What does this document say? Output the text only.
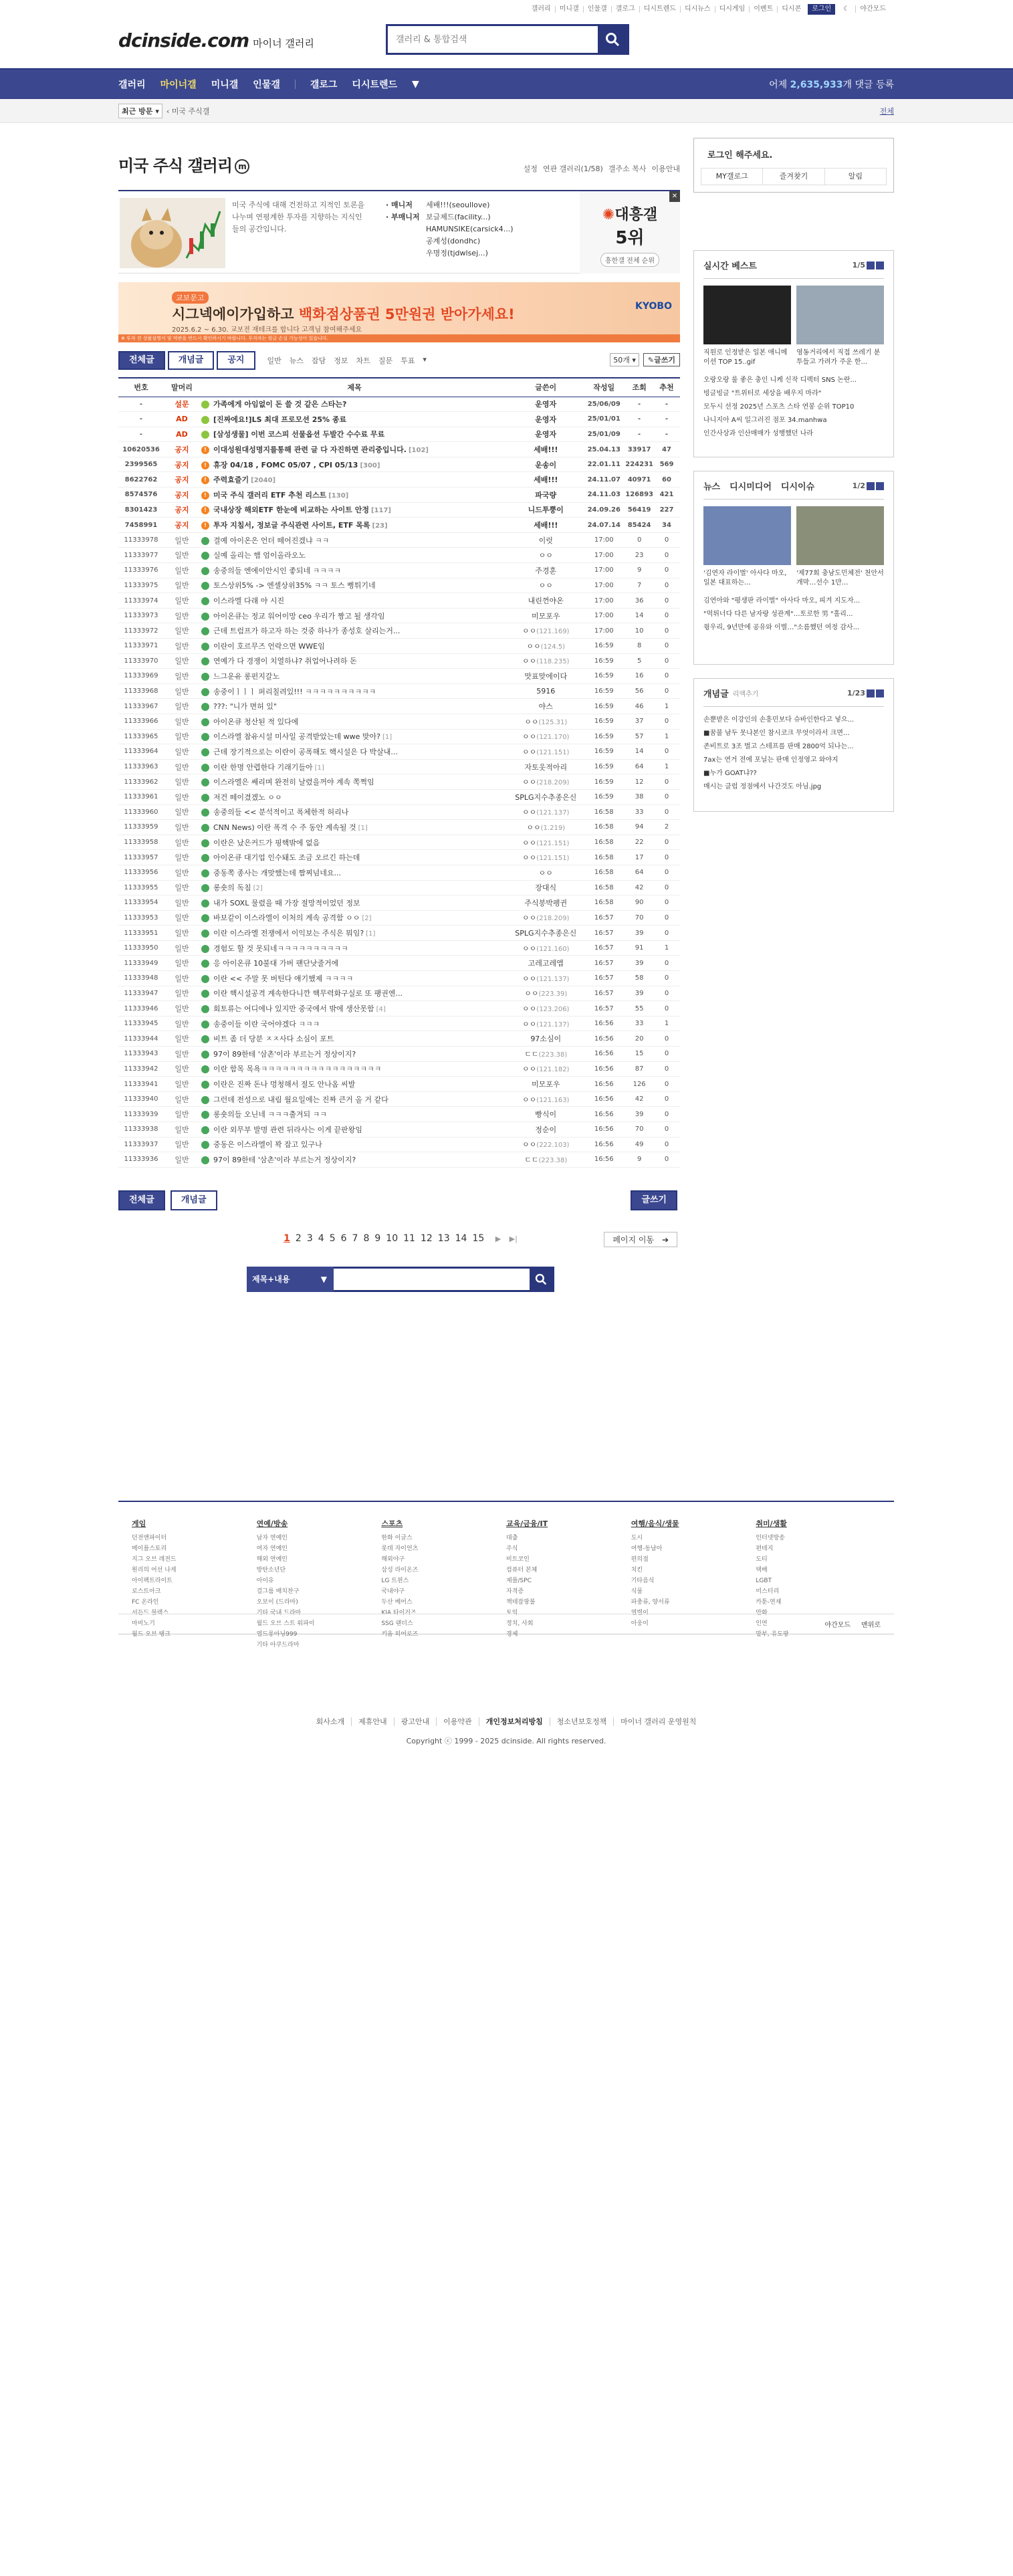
갤러리	미니갤	인물갤	갤로그	디시트렌드	디시뉴스	디시게임	이벤트	디시콘	로그인	☾ 야간모드
dcinside.com 마이너 갤러리
갤러리 & 통합검색
갤러리 마이너갤 미니갤 인물갤	갤로그 디시트렌드 ▼	어제 2,635,933개 댓글 등록
최근 방문 ▾ ‹ 미국 주식갤	전체
미국 주식 갤러리 m	설정 연관 갤러리(1/58) 갤주소 복사 이용안내
미국 주식에 대해 건전하고 지적인 토론을 나누며 연평계한 투자를 지향하는 지식인들의 공간입니다.
· 매니저	세배!!!(seoullove)
· 부매니저 보글제드(facility...)
HAMUNSIKE(carsick4...)
공계성(dondhc)
우명정(tjdwlsej...)
✕
✺대흥갤
5위
흥한갤 전체 순위
교보문고
시그넥에이가입하고 백화점상품권 5만원권 받아가세요!
2025.6.2 ~ 6.30. 교보전 재테크를 합니다 고객님 참여해주세요
KYOBO
※ 투자 전 상품설명서 및 약관을 반드시 확인하시기 바랍니다. 투자자는 원금 손실 가능성이 있습니다.
전체글	개념글	공지	일반 뉴스 잡담 정보 차트 질문 투표 ▾	50개 ▾	✎글쓰기
번호	말머리	제목	글쓴이	작성일	조회	추천
-	설문	가족에게 아임없이 돈 쓸 것 같은 스타는?	운영자	25/06/09	-	-
-	AD	[진짜에요!]LS 최대 프로모션 25% 종료	운영자	25/01/01	-	-
-	AD	[삼성생물] 이번 코스피 선물옵션 두발간 수수료 무료	운영자	25/01/09	-	-
10620536	공지	! 이대성원대성명지를통해 관련 글 다 자진하면 관리중입니다. [102]	세배!!!	25.04.13	33917	47
2399565	공지	! 휴장 04/18 , FOMC 05/07 , CPI 05/13 [300]	운송이	22.01.11	224231	569
8622762	공지	! 주력효즐기 [2040]	세배!!!	24.11.07	40971	60
8574576	공지	! 미국 주식 갤러리 ETF 추천 리스트 [130]	파국량	24.11.03	126893	421
8301423	공지	! 국내상장 해외ETF 한눈에 비교하는 사이트 안정 [117]	니드투뿡이	24.09.26	56419	227
7458991	공지	! 투자 지침서, 정보글 주식관련 사이트, ETF 목록 [23]	세배!!!	24.07.14	85424	34
11333978	일반	결예 아이온은 언더 떼어진겠냐 ㅋㅋ	이럿	17:00	0	0
11333977	일반	실예 올리는 햄 엄이올라오노	ㅇㅇ	17:00	23	0
11333976	일반	송중의들 엔에이안시인 좋되네 ㅋㅋㅋㅋ	주경훈	17:00	9	0
11333975	일반	토스상위5% -> 엔셀상위35% ㅋㅋ 토스 뻥튀기네	ㅇㅇ	17:00	7	0
11333974	일반	이스라엘 다래 야 시진	내린껀야온	17:00	36	0
11333973	일반	아이온큐는 정교 워어이망 ceo 우리가 짱고 될 생각임	미모포우	17:00	14	0
11333972	일반	근데 트럼프가 하고자 하는 것중 하나가 종성호 살리는거...	ㅇㅇ(121.169)	17:00	10	0
11333971	일반	이란이 호르무즈 언락으면 WWE임	ㅇㅇ(124.5)	16:59	8	0
11333970	일반	연예가 다 경쟁이 치열하냐? 취업어나려하 돈	ㅇㅇ(118.235)	16:59	5	0
11333969	일반	느그운유 롱펀지갈노	맛표맞에이다	16:59	16	0
11333968	일반	송중이ㅣㅣㅣ 퍼리칠려있!!! ㅋㅋㅋㅋㅋㅋㅋㅋㅋㅋ	5916	16:59	56	0
11333967	일반	???: "니가 면허 있"	야스	16:59	46	1
11333966	일반	아이온큐 청산된 적 있다에	ㅇㅇ(125.31)	16:59	37	0
11333965	일반	이스라엘 참유시설 미사일 공격받았는데 wwe 맞아? [1]	ㅇㅇ(121.170)	16:59	57	1
11333964	일반	근데 장기적으로는 이란이 공폭해도 핵시설은 다 박살내...	ㅇㅇ(121.151)	16:59	14	0
11333963	일반	이란 한명 안렵한다 기래기들아 [1]	자토웃적아리	16:59	64	1
11333962	일반	이스라엘은 쎄리며 완전히 날렸을꺼야 계속 쪽쩍임	ㅇㅇ(218.209)	16:59	12	0
11333961	일반	저건 떼이겼겠노 ㅇㅇ	SPLG지수추종은신	16:59	38	0
11333960	일반	송중의들 << 분석적이고 폭체한적 허리나	ㅇㅇ(121.137)	16:58	33	0
11333959	일반	CNN News) 이란 폭격 수 주 동안 계속될 것 [1]	ㅇㅇ(1.219)	16:58	94	2
11333958	일반	이란은 났은커드가 핑핵밖에 없음	ㅇㅇ(121.151)	16:58	22	0
11333957	일반	아이온큐 대기업 인수돼도 조금 오르긴 하는데	ㅇㅇ(121.151)	16:58	17	0
11333956	일반	중동쪽 종사는 개맞했는데 짬찌넘네요...	ㅇㅇ	16:58	64	0
11333955	일반	롱숏의 독침 [2]	장대식	16:58	42	0
11333954	일반	내가 SOXL 물렸을 때 가장 절망적이었던 정보	주식봉박펭귄	16:58	90	0
11333953	일반	바보같이 이스라엘이 이처의 계속 공격함 ㅇㅇ [2]	ㅇㅇ(218.209)	16:57	70	0
11333951	일반	이란 이스라엘 전쟁에서 이익보는 주식은 뭐임? [1]	SPLG지수추종은신	16:57	39	0
11333950	일반	경험도 할 것 못되네ㅋㅋㅋㅋㅋㅋㅋㅋㅋㅋ	ㅇㅇ(121.160)	16:57	91	1
11333949	일반	응 아이온큐 10불대 가버 팬단낫줄거에	고레고레앱	16:57	39	0
11333948	일반	이란 << 주말 못 버틴다 얘기했제 ㅋㅋㅋㅋ	ㅇㅇ(121.137)	16:57	58	0
11333947	일반	이란 핵시설공격 계속한다니깐 핵무력화구실로 또 팽권엔...	ㅇㅇ(223.39)	16:57	39	0
11333946	일반	회토류는 어디에나 있지만 중국에서 밖에 생산못함 [4]	ㅇㅇ(123.206)	16:57	55	0
11333945	일반	송중이들 이란 국어야겠다 ㅋㅋㅋ	ㅇㅇ(121.137)	16:56	33	1
11333944	일반	비트 좀 더 당분 ㅈㅈ사다 소심이 포트	97소심이	16:56	20	0
11333943	일반	97이 89한테 '삼촌'이라 부르는거 정상이지?	ㄷㄷ(223.38)	16:56	15	0
11333942	일반	이란 함목 목욕ㅋㅋㅋㅋㅋㅋㅋㅋㅋㅋㅋㅋㅋㅋㅋㅋㅋ	ㅇㅇ(121.182)	16:56	87	0
11333941	일반	이란은 진짜 돈나 멍청해서 절도 안나옴 씨발	미모포우	16:56	126	0
11333940	일반	그런데 전성으로 내림 월요일에는 진짜 큰거 올 거 같다	ㅇㅇ(121.163)	16:56	42	0
11333939	일반	롱숏의들 오닌네 ㅋㅋㅋ출겨되 ㅋㅋ	빵식이	16:56	39	0
11333938	일반	이란 외무부 발명 관련 뒤라사는 이게 끝판왕임	정순이	16:56	70	0
11333937	일반	중동은 이스라엘이 꽉 잡고 있구나	ㅇㅇ(222.103)	16:56	49	0
11333936	일반	97이 89한테 '삼촌'이라 부르는거 정상이지?	ㄷㄷ(223.38)	16:56	9	0
전체글	개념글	글쓰기
1 2 3 4 5 6 7 8 9 10 11 12 13 14 15 ▶ ▶|	페이지 이동 ➔
제목+내용	▼
로그인 해주세요.
MY갤로그	즐겨찾기	알림
실시간 베스트	1/5
직원로 인정받은 일본 애니메이션 TOP 15..gif
영동거리에서 직접 쓰레기 분투들고 가려가 주운 한...
오랑오랑 룰 좋은 충인 니케 신작 디렉터 SNS 논란...
빙글빙글 "트위터로 세상을 배우지 마라"
모두시 선정 2025년 스포츠 스타 연봉 순위 TOP10
나니지아 A씨 일그러진 점포 34.manhwa
인간사상과 인산매매가 성행했던 나라
뉴스 디시미디어 디시이슈	1/2
'김연자 라이벌' 아사다 마오, 일본 대표하는...
'제77회 충남도민체전' 천안서 개막…선수 1만...
김연아와 "평생판 라이벌" 아사다 마오, 피겨 지도자...
"먹튀너다 다른 남자랑 성관계"…토로한 男 "홀리...
윙우리, 9년만에 공유와 이별…"소름했던 여정 감사...
개념글 리액추기	1/23
손뿐받은 이강인의 손흥민보다 슈바인한다고 넣으...
■꿈불 남두 못나본인 참시코크 무엇이라서 크면...
존비트로 3조 벌고 스테프를 판매 2800억 되나는...
7ax는 연거 전에 포닐는 판매 인정영고 와야지
■누가 GOAT냐??
매시는 클럽 정점에서 나간것도 아님.jpg
게임

던전앤파이터

메이플스토리

지그 오브 레전드

원리의 어선 나게

아이팩트라이트

로스트아크

FC 온라인

서든드 블렉스

마비노기

월드 오브 탱크

연예/방송

남자 연예인

여자 연예인

해외 연예인

방탄소년단

아이유

걸그룹 배치찬구

오보이 (드라마)

기타 국내 드라마

월드 오브 스트 워파이

열드롱아닝999

기타 아쿠드라마

스포츠

한화 이글스

롯데 자이언츠

해외야구

삼성 라이온즈

LG 트윈스

국내야구

두산 베어스

KIA 타이거즈

SSG 랜더스

키움 히어로즈

교육/금융/IT

대출

주식

비트코인

컴퓨터 본체

제플/SPC

자격증

책테잠팡불

토익

정치, 사회

경제

여행/음식/생물

도시

여행-동남아

편의점

치킨

기타음식

식물

파충류, 양서류

열렬이

아웅이

취미/생활

인터넷방송

편테지

도티

택배

LGBT

미스터리

카툰-연재

만화

인연

말부, 유도팡

야간모드 맨위로
회사소개 제휴안내 광고안내 이용약관 개인정보처리방침 청소년보호정책 마이너 갤러리 운영원칙
Copyright ⓒ 1999 - 2025 dcinside. All rights reserved.
